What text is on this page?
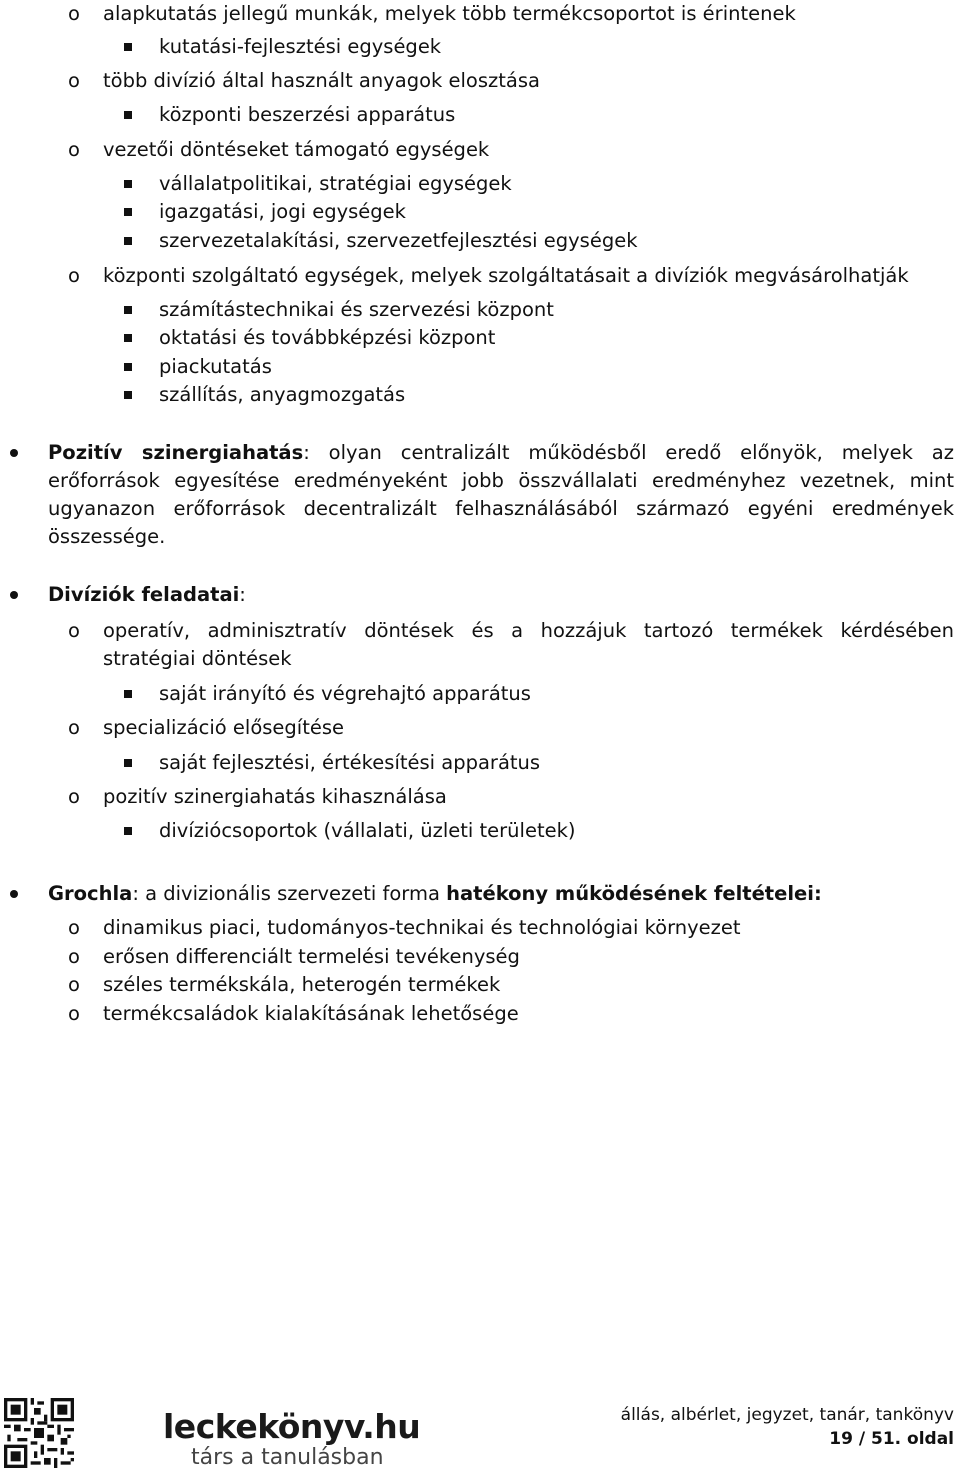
o alapkutatás jellegű munkák, melyek több termékcsoportot is érintenek
kutatási-fejlesztési egységek
o több divízió által használt anyagok elosztása
központi beszerzési apparátus
o vezetői döntéseket támogató egységek
vállalatpolitikai, stratégiai egységek
igazgatási, jogi egységek
szervezetalakítási, szervezetfejlesztési egységek
o központi szolgáltató egységek, melyek szolgáltatásait a divíziók megvásárolhatják
számítástechnikai és szervezési központ
oktatási és továbbképzési központ
piackutatás
szállítás, anyagmozgatás
Pozitív szinergiahatás: olyan centralizált működésből eredő előnyök, melyek az erőforrások egyesítése eredményeként jobb összvállalati eredményhez vezetnek, mint ugyanazon erőforrások decentralizált felhasználásából származó egyéni eredmények összessége.
Divíziók feladatai:
o operatív, adminisztratív döntések és a hozzájuk tartozó termékek kérdésében stratégiai döntések
saját irányító és végrehajtó apparátus
o specializáció elősegítése
saját fejlesztési, értékesítési apparátus
o pozitív szinergiahatás kihasználása
divíziócsoportok (vállalati, üzleti területek)
Grochla: a divizionális szervezeti forma hatékony működésének feltételei:
o dinamikus piaci, tudományos-technikai és technológiai környezet
o erősen differenciált termelési tevékenység
o széles termékskála, heterogén termékek
o termékcsaládok kialakításának lehetősége
leckekönyv.hu
társ a tanulásban
állás, albérlet, jegyzet, tanár, tankönyv
19 / 51. oldal
